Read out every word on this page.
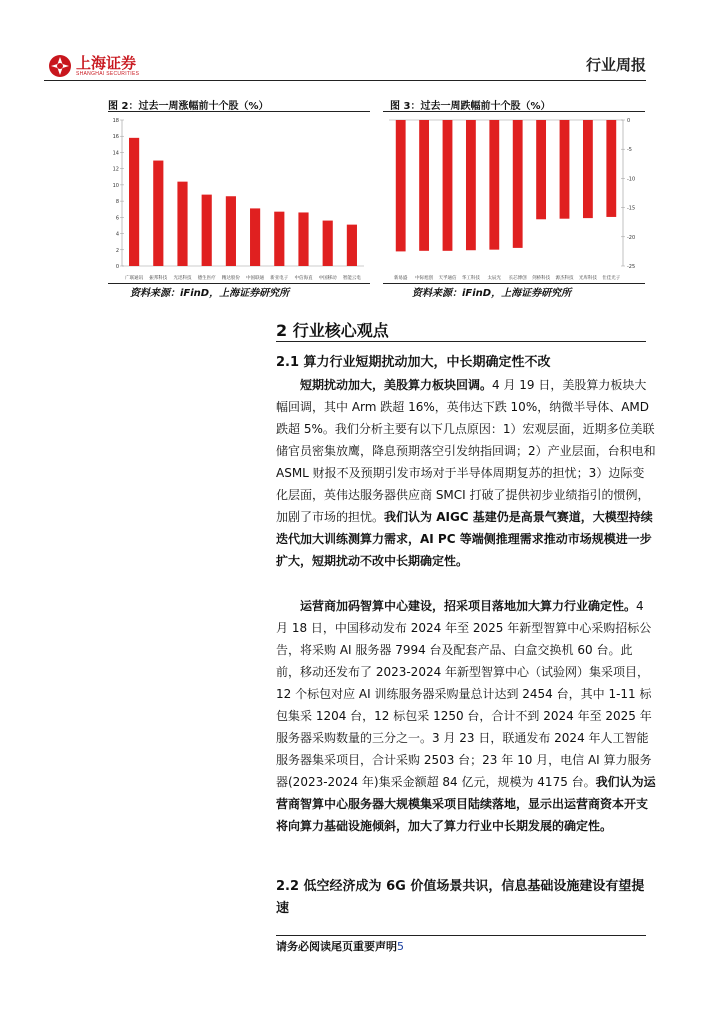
上海证券
SHANGHAI SECURITIES	行业周报
图 2：过去一周涨幅前十个股（%）
0
2
4
6
8
10
12
14
16
18
广联通讯 振邦科技 光迅科技 德生医疗 精达股份 中国联通 新亚电子 中信海直 中国移动 智能云电
资料来源：iFinD，上海证券研究所
图 3：过去一周跌幅前十个股（%）
0
-5
-10
-15
-20
-25
新易盛 中际旭创 天孚通信 华工科技 太辰光 长芯博创 剑桥科技 源杰科技 光库科技 仕佳光子
资料来源：iFinD，上海证券研究所
2 行业核心观点
2.1 算力行业短期扰动加大，中长期确定性不改
短期扰动加大，美股算力板块回调。4 月 19 日，美股算力板块大幅回调，其中 Arm 跌超 16%，英伟达下跌 10%，纳微半导体、AMD 跌超 5%。我们分析主要有以下几点原因：1）宏观层面，近期多位美联储官员密集放鹰，降息预期落空引发纳指回调；2）产业层面，台积电和 ASML 财报不及预期引发市场对于半导体周期复苏的担忧；3）边际变化层面，英伟达服务器供应商 SMCI 打破了提供初步业绩指引的惯例，加剧了市场的担忧。我们认为 AIGC 基建仍是高景气赛道，大模型持续迭代加大训练测算力需求，AI PC 等端侧推理需求推动市场规模进一步扩大，短期扰动不改中长期确定性。
运营商加码智算中心建设，招采项目落地加大算力行业确定性。4 月 18 日，中国移动发布 2024 年至 2025 年新型智算中心采购招标公告，将采购 AI 服务器 7994 台及配套产品、白盒交换机 60 台。此前，移动还发布了 2023-2024 年新型智算中心（试验网）集采项目，12 个标包对应 AI 训练服务器采购量总计达到 2454 台，其中 1-11 标包集采 1204 台，12 标包采 1250 台，合计不到 2024 年至 2025 年服务器采购数量的三分之一。3 月 23 日，联通发布 2024 年人工智能服务器集采项目，合计采购 2503 台；23 年 10 月，电信 AI 算力服务器(2023-2024 年)集采金额超 84 亿元，规模为 4175 台。我们认为运营商智算中心服务器大规模集采项目陆续落地，显示出运营商资本开支将向算力基础设施倾斜，加大了算力行业中长期发展的确定性。
2.2 低空经济成为 6G 价值场景共识，信息基础设施建设有望提速
请务必阅读尾页重要声明5
